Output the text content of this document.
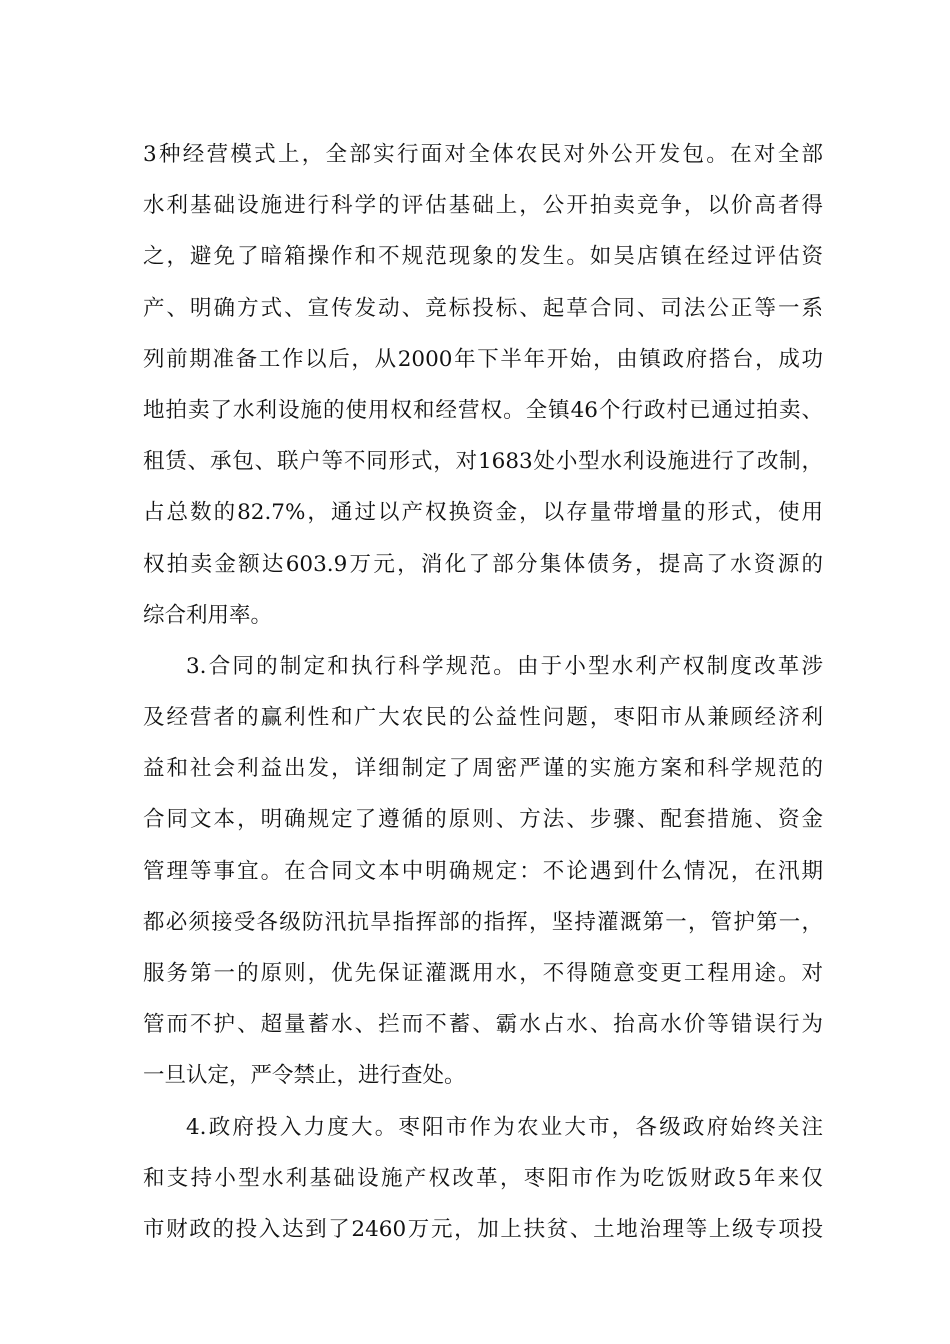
3种经营模式上，全部实行面对全体农民对外公开发包。在对全部
水利基础设施进行科学的评估基础上，公开拍卖竞争，以价高者得
之，避免了暗箱操作和不规范现象的发生。如吴店镇在经过评估资
产、明确方式、宣传发动、竞标投标、起草合同、司法公正等一系
列前期准备工作以后，从2000年下半年开始，由镇政府搭台，成功
地拍卖了水利设施的使用权和经营权。全镇46个行政村已通过拍卖、
租赁、承包、联户等不同形式，对1683处小型水利设施进行了改制，
占总数的82.7%，通过以产权换资金，以存量带增量的形式，使用
权拍卖金额达603.9万元，消化了部分集体债务，提高了水资源的
综合利用率。
3.合同的制定和执行科学规范。由于小型水利产权制度改革涉
及经营者的赢利性和广大农民的公益性问题，枣阳市从兼顾经济利
益和社会利益出发，详细制定了周密严谨的实施方案和科学规范的
合同文本，明确规定了遵循的原则、方法、步骤、配套措施、资金
管理等事宜。在合同文本中明确规定：不论遇到什么情况，在汛期
都必须接受各级防汛抗旱指挥部的指挥，坚持灌溉第一，管护第一，
服务第一的原则，优先保证灌溉用水，不得随意变更工程用途。对
管而不护、超量蓄水、拦而不蓄、霸水占水、抬高水价等错误行为
一旦认定，严令禁止，进行查处。
4.政府投入力度大。枣阳市作为农业大市，各级政府始终关注
和支持小型水利基础设施产权改革，枣阳市作为吃饭财政5年来仅
市财政的投入达到了2460万元，加上扶贫、土地治理等上级专项投
